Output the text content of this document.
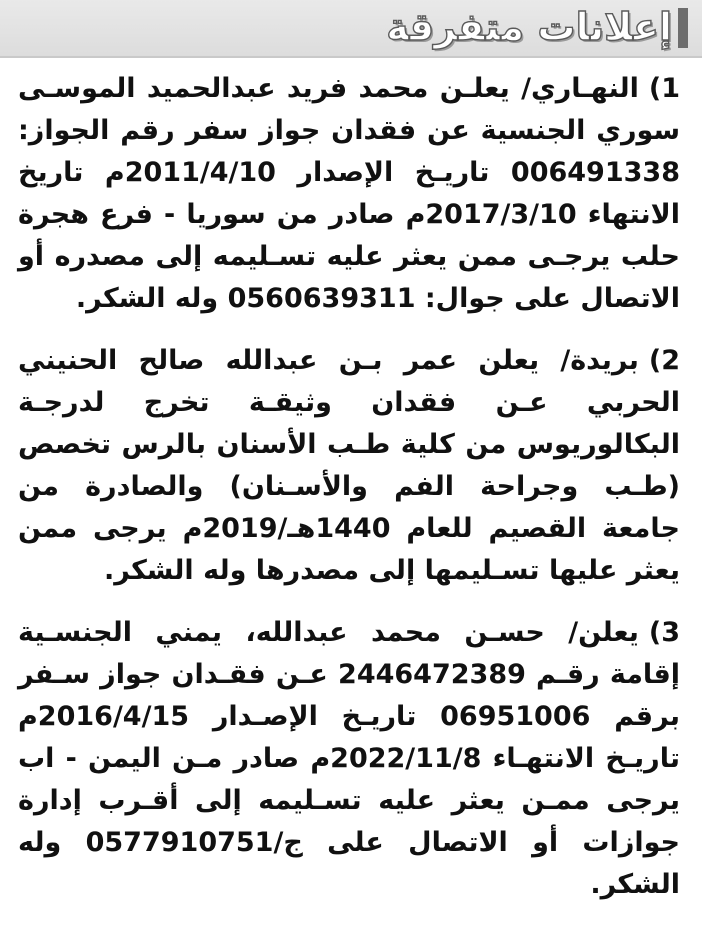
إعلانات متفرقة

1)النهـاري/ يعلـن محمد فريد عبدالحميد الموسـى سوري الجنسية عن فقدان جواز سفر رقم الجواز: 006491338 تاريـخ الإصدار 2011/4/10م تاريخ الانتهاء 2017/3/10م صادر من سوريا - فرع هجرة حلب يرجـى ممن يعثر عليه تسـليمه إلى مصدره أو الاتصال على جوال: 0560639311 وله الشكر.

2)بريدة/ يعلن عمر بـن عبدالله صالح الحنيني الحربي عـن فقدان وثيقـة تخرج لدرجـة البكالوريوس من كلية طـب الأسنان بالرس تخصص (طـب وجراحة الفم والأسـنان) والصادرة من جامعة القصيم للعام 1440هـ/2019م يرجى ممن يعثر عليها تسـليمها إلى مصدرها وله الشكر.

3)يعلن/ حسـن محمد عبدالله، يمني الجنسـية إقامة رقـم 2446472389 عـن فقـدان جواز سـفر برقم 06951006 تاريـخ الإصـدار 2016/4/15م تاريـخ الانتهـاء 2022/11/8م صادر مـن اليمن - اب يرجى ممـن يعثر عليه تسـليمه إلى أقـرب إدارة جوازات أو الاتصال على ج/0577910751 وله الشكر.
